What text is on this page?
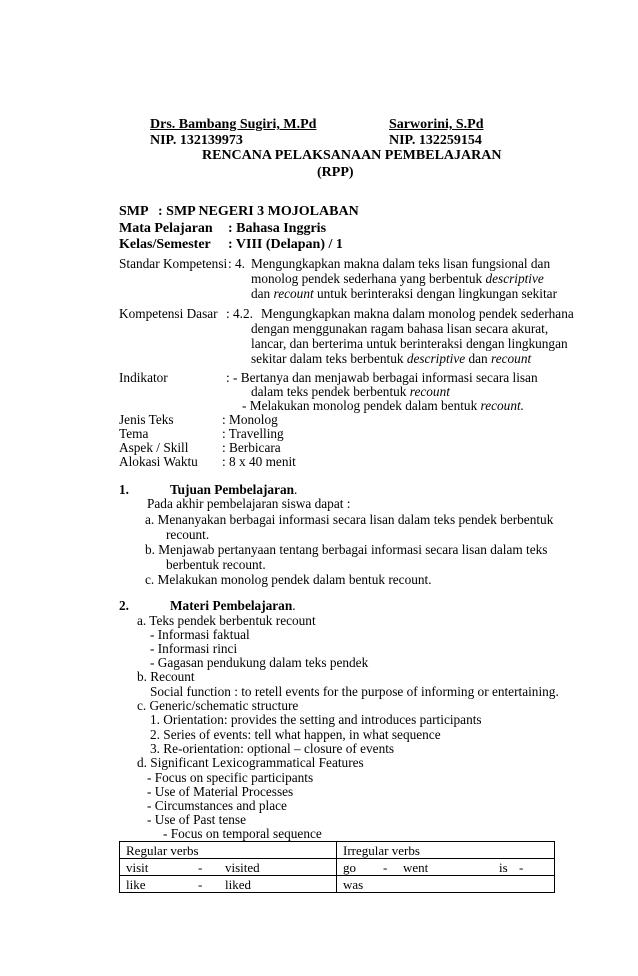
Drs. Bambang Sugiri, M.Pd
NIP. 132139973
Sarworini, S.Pd
NIP. 132259154
RENCANA PELAKSANAAN PEMBELAJARAN
(RPP)
SMP : SMP NEGERI 3 MOJOLABAN
Mata Pelajaran : Bahasa Inggris
Kelas/Semester : VIII (Delapan) / 1
Standar Kompetensi : 4. Mengungkapkan makna dalam teks lisan fungsional dan
monolog pendek sederhana yang berbentuk descriptive
dan recount untuk berinteraksi dengan lingkungan sekitar
Kompetensi Dasar : 4.2. Mengungkapkan makna dalam monolog pendek sederhana
dengan menggunakan ragam bahasa lisan secara akurat,
lancar, dan berterima untuk berinteraksi dengan lingkungan
sekitar dalam teks berbentuk descriptive dan recount
Indikator	: - Bertanya dan menjawab berbagai informasi secara lisan
dalam teks pendek berbentuk recount
- Melakukan monolog pendek dalam bentuk recount.
Jenis Teks	: Monolog
Tema	: Travelling
Aspek / Skill	: Berbicara
Alokasi Waktu : 8 x 40 menit
1.	Tujuan Pembelajaran.
Pada akhir pembelajaran siswa dapat :
a. Menanyakan berbagai informasi secara lisan dalam teks pendek berbentuk
recount.
b. Menjawab pertanyaan tentang berbagai informasi secara lisan dalam teks
berbentuk recount.
c. Melakukan monolog pendek dalam bentuk recount.
2.	Materi Pembelajaran.
a. Teks pendek berbentuk recount
- Informasi faktual
- Informasi rinci
- Gagasan pendukung dalam teks pendek
b. Recount
Social function : to retell events for the purpose of informing or entertaining.
c. Generic/schematic structure
1. Orientation: provides the setting and introduces participants
2. Series of events: tell what happen, in what sequence
3. Re-orientation: optional – closure of events
d. Significant Lexicogrammatical Features
- Focus on specific participants
- Use of Material Processes
- Circumstances and place
- Use of Past tense
- Focus on temporal sequence
Regular verbs	Irregular verbs
visit - visited	go - went is -
like - liked	was
